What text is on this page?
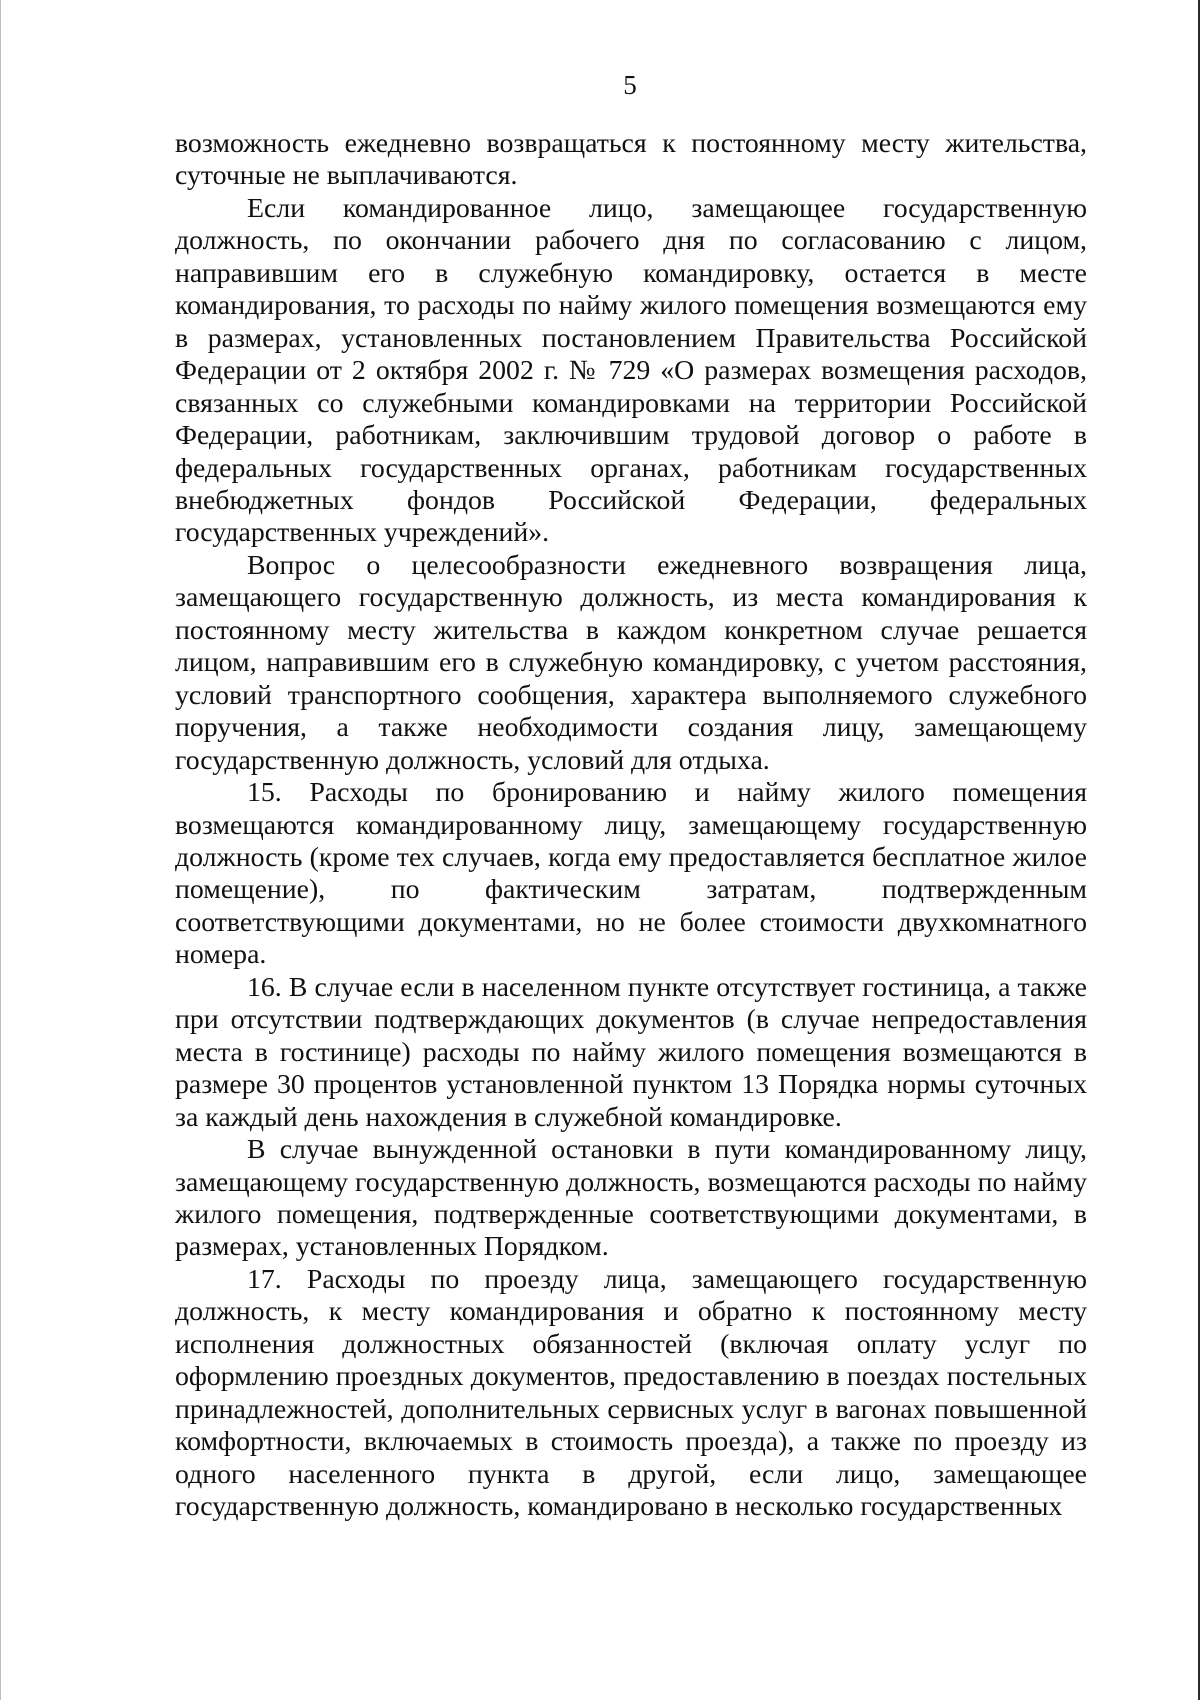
5

возможность ежедневно возвращаться к постоянному месту жительства, суточные не выплачиваются.

Если командированное лицо, замещающее государственную должность, по окончании рабочего дня по согласованию с лицом, направившим его в служебную командировку, остается в месте командирования, то расходы по найму жилого помещения возмещаются ему в размерах, установленных постановлением Правительства Российской Федерации от 2 октября 2002 г. № 729 «О размерах возмещения расходов, связанных со служебными командировками на территории Российской Федерации, работникам, заключившим трудовой договор о работе в федеральных государственных органах, работникам государственных внебюджетных фондов Российской Федерации, федеральных государственных учреждений».

Вопрос о целесообразности ежедневного возвращения лица, замещающего государственную должность, из места командирования к постоянному месту жительства в каждом конкретном случае решается лицом, направившим его в служебную командировку, с учетом расстояния, условий транспортного сообщения, характера выполняемого служебного поручения, а также необходимости создания лицу, замещающему государственную должность, условий для отдыха.

15. Расходы по бронированию и найму жилого помещения возмещаются командированному лицу, замещающему государственную должность (кроме тех случаев, когда ему предоставляется бесплатное жилое помещение), по фактическим затратам, подтвержденным соответствующими документами, но не более стоимости двухкомнатного номера.

16. В случае если в населенном пункте отсутствует гостиница, а также при отсутствии подтверждающих документов (в случае непредоставления места в гостинице) расходы по найму жилого помещения возмещаются в размере 30 процентов установленной пунктом 13 Порядка нормы суточных за каждый день нахождения в служебной командировке.

В случае вынужденной остановки в пути командированному лицу, замещающему государственную должность, возмещаются расходы по найму жилого помещения, подтвержденные соответствующими документами, в размерах, установленных Порядком.

17. Расходы по проезду лица, замещающего государственную должность, к месту командирования и обратно к постоянному месту исполнения должностных обязанностей (включая оплату услуг по оформлению проездных документов, предоставлению в поездах постельных принадлежностей, дополнительных сервисных услуг в вагонах повышенной комфортности, включаемых в стоимость проезда), а также по проезду из одного населенного пункта в другой, если лицо, замещающее государственную должность, командировано в несколько государственных
